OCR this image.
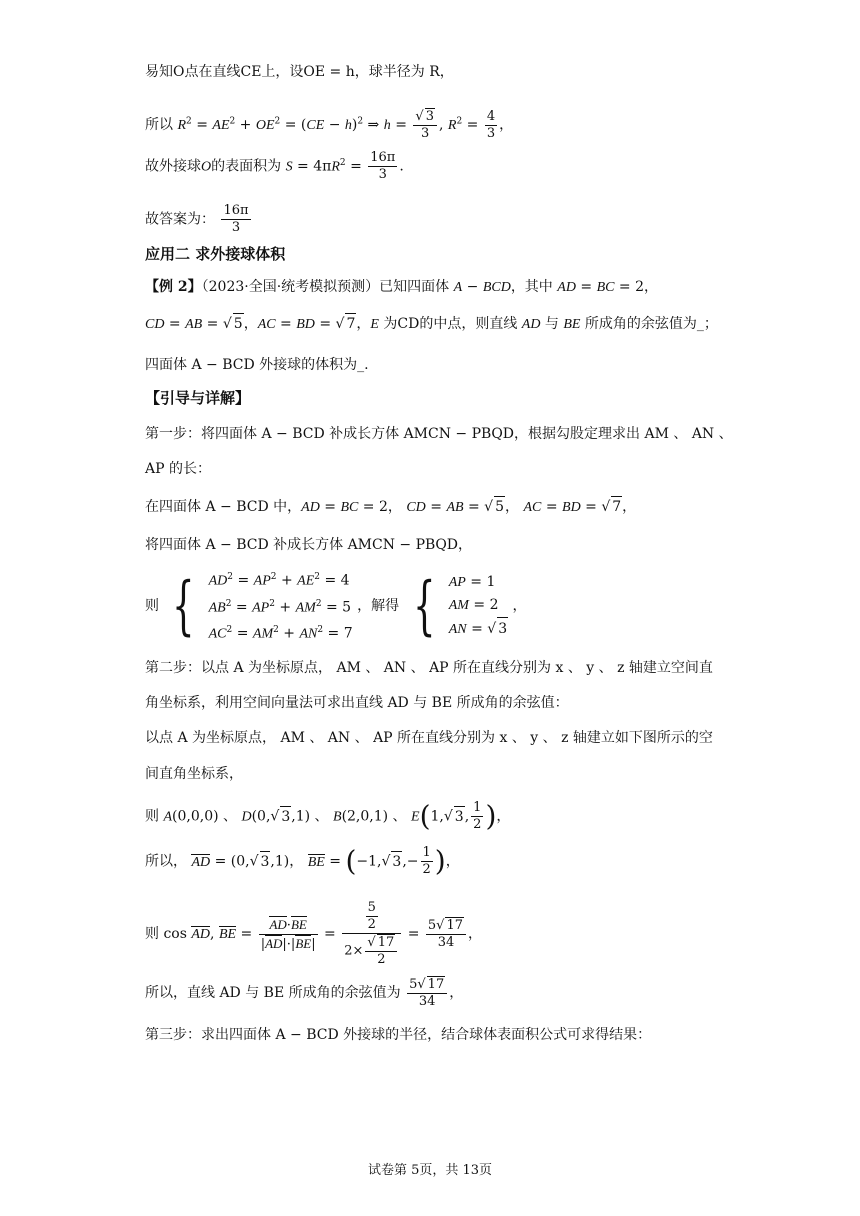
易知O点在直线CE上，设OE = h，球半径为 R，
所以 $R^2 = AE^2 + OE^2 = (CE - h)^2$ ⇒ $h = \frac{√ 3}{3}$ , $R^2 = \frac{4}{3}$ ，
故外接球O的表面积为 $S = 4\pi R^2 = \frac{16\pi}{3}$ .
故答案为： $\frac{16\pi}{3}$
应用二 求外接球体积
【例 2】（2023·全国·统考模拟预测）已知四面体 A − BCD，其中 AD = BC = 2，
CD = AB = √ 5，AC = BD = √ 7，E 为CD的中点，则直线 AD 与 BE 所成角的余弦值为_；
四面体 A − BCD 外接球的体积为_.
【引导与详解】
第一步：将四面体 A − BCD 补成长方体 AMCN − PBQD，根据勾股定理求出 AM 、 AN 、
AP 的长：
在四面体 A − BCD 中，AD = BC = 2， CD = AB = √ 5， AC = BD = √ 7，
将四面体 A − BCD 补成长方体 AMCN − PBQD，
则 { $AD^2 = AP^2 + AE^2 = 4$
$AB^2 = AP^2 + AM^2 = 5$
$AC^2 = AM^2 + AN^2 = 7$
，解得 { AP = 1
AM = 2
AN = √ 3
，
第二步：以点 A 为坐标原点， AM 、 AN 、 AP 所在直线分别为 x 、 y 、 z 轴建立空间直
角坐标系，利用空间向量法可求出直线 AD 与 BE 所成角的余弦值：
以点 A 为坐标原点， AM 、 AN 、 AP 所在直线分别为 x 、 y 、 z 轴建立如下图所示的空
间直角坐标系，
则 A(0,0,0) 、 D(0,√ 3,1) 、 B(2,0,1) 、 E(1,√ 3, $\frac{1}{2}$ )，
所以， AD = (0,√ 3,1)， BE = (−1,√ $3,- \frac{1}{2}$ )，
则 cos AD, BE = $\frac{AD\cdot BE}{|AD|\cdot|BE|} = \frac{\frac{5}{2}}{2\times \frac{√ 17}{2}} = \frac{5√ 17}{34}$ ，
所以，直线 AD 与 BE 所成角的余弦值为 $\frac{5√ 17}{34}$ ，
第三步：求出四面体 A − BCD 外接球的半径，结合球体表面积公式可求得结果：
试卷第 5页，共 13页
